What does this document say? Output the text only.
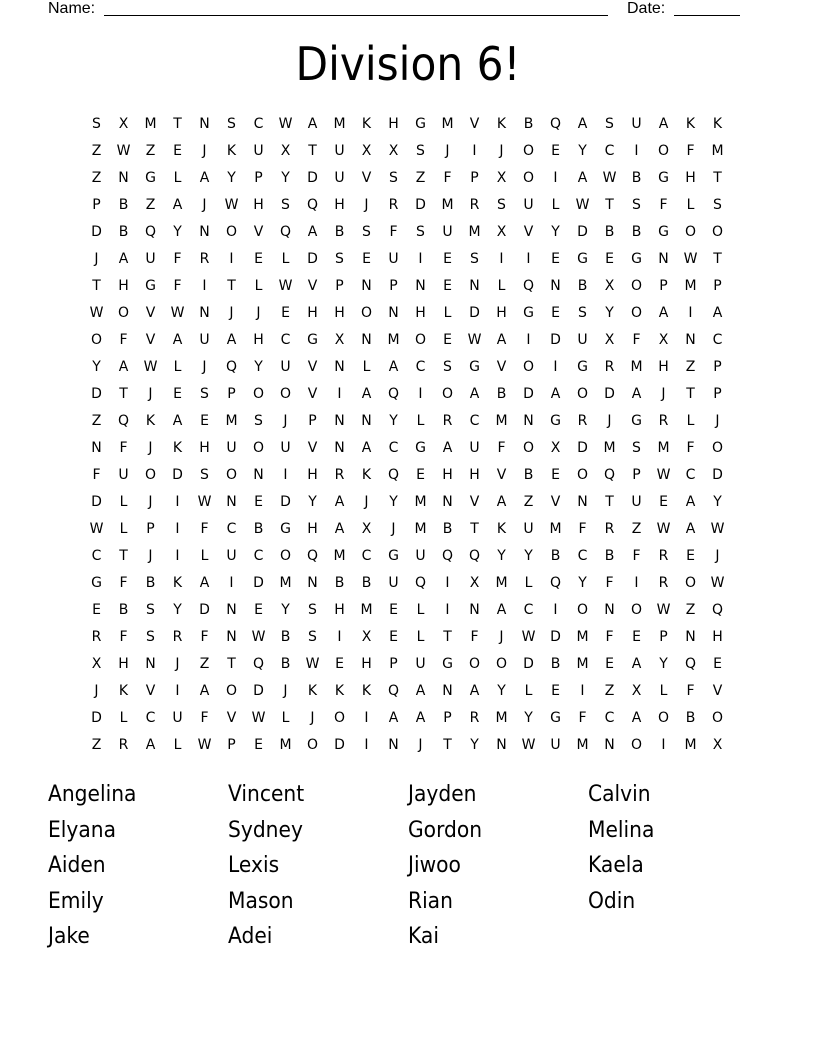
Name:	Date:
Division 6!
S	X	M	T	N	S	C	W	A	M	K	H	G	M	V	K	B	Q	A	S	U	A	K	K
Z	W	Z	E	J	K	U	X	T	U	X	X	S	J	I	J	O	E	Y	C	I	O	F	M
Z	N	G	L	A	Y	P	Y	D	U	V	S	Z	F	P	X	O	I	A	W	B	G	H	T
P	B	Z	A	J	W	H	S	Q	H	J	R	D	M	R	S	U	L	W	T	S	F	L	S
D	B	Q	Y	N	O	V	Q	A	B	S	F	S	U	M	X	V	Y	D	B	B	G	O	O
J	A	U	F	R	I	E	L	D	S	E	U	I	E	S	I	I	E	G	E	G	N	W	T
T	H	G	F	I	T	L	W	V	P	N	P	N	E	N	L	Q	N	B	X	O	P	M	P
W	O	V	W	N	J	J	E	H	H	O	N	H	L	D	H	G	E	S	Y	O	A	I	A
O	F	V	A	U	A	H	C	G	X	N	M	O	E	W	A	I	D	U	X	F	X	N	C
Y	A	W	L	J	Q	Y	U	V	N	L	A	C	S	G	V	O	I	G	R	M	H	Z	P
D	T	J	E	S	P	O	O	V	I	A	Q	I	O	A	B	D	A	O	D	A	J	T	P
Z	Q	K	A	E	M	S	J	P	N	N	Y	L	R	C	M	N	G	R	J	G	R	L	J
N	F	J	K	H	U	O	U	V	N	A	C	G	A	U	F	O	X	D	M	S	M	F	O
F	U	O	D	S	O	N	I	H	R	K	Q	E	H	H	V	B	E	O	Q	P	W	C	D
D	L	J	I	W	N	E	D	Y	A	J	Y	M	N	V	A	Z	V	N	T	U	E	A	Y
W	L	P	I	F	C	B	G	H	A	X	J	M	B	T	K	U	M	F	R	Z	W	A	W
C	T	J	I	L	U	C	O	Q	M	C	G	U	Q	Q	Y	Y	B	C	B	F	R	E	J
G	F	B	K	A	I	D	M	N	B	B	U	Q	I	X	M	L	Q	Y	F	I	R	O	W
E	B	S	Y	D	N	E	Y	S	H	M	E	L	I	N	A	C	I	O	N	O	W	Z	Q
R	F	S	R	F	N	W	B	S	I	X	E	L	T	F	J	W	D	M	F	E	P	N	H
X	H	N	J	Z	T	Q	B	W	E	H	P	U	G	O	O	D	B	M	E	A	Y	Q	E
J	K	V	I	A	O	D	J	K	K	K	Q	A	N	A	Y	L	E	I	Z	X	L	F	V
D	L	C	U	F	V	W	L	J	O	I	A	A	P	R	M	Y	G	F	C	A	O	B	O
Z	R	A	L	W	P	E	M	O	D	I	N	J	T	Y	N	W	U	M	N	O	I	M	X
Angelina	Vincent	Jayden	Calvin
Elyana	Sydney	Gordon	Melina
Aiden	Lexis	Jiwoo	Kaela
Emily	Mason	Rian	Odin
Jake	Adei	Kai
